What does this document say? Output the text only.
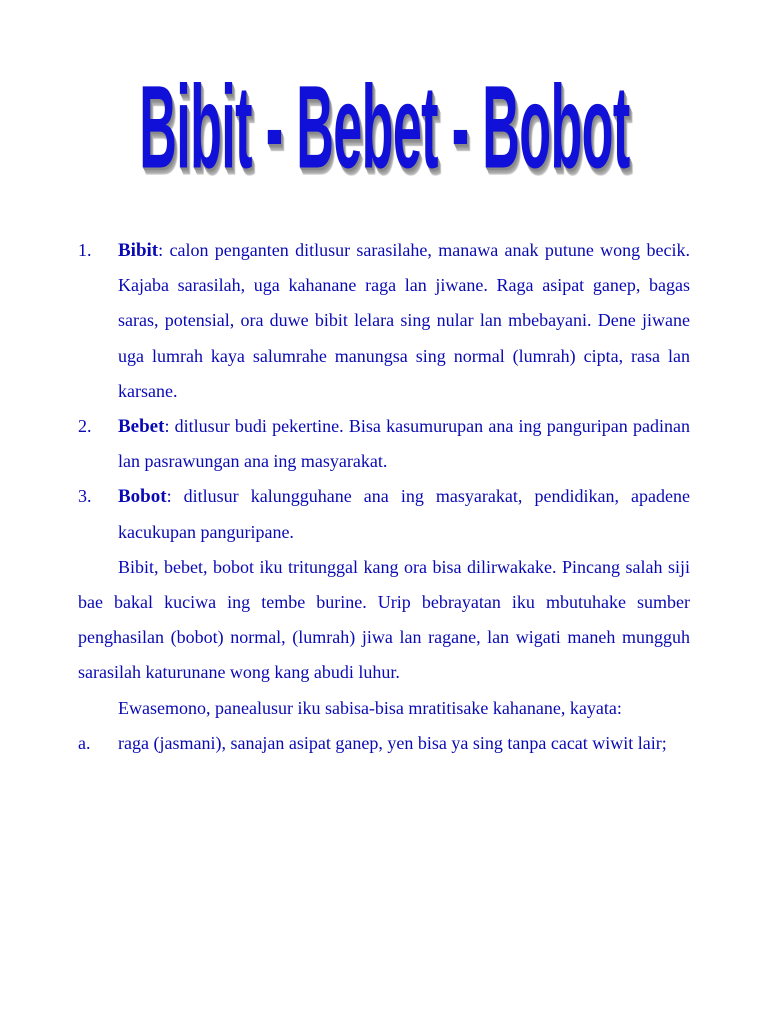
Bibit - Bebet - Bobot
1.	Bibit: calon penganten ditlusur sarasilahe, manawa anak putune wong becik. Kajaba sarasilah, uga kahanane raga lan jiwane. Raga asipat ganep, bagas saras, potensial, ora duwe bibit lelara sing nular lan mbebayani. Dene jiwane uga lumrah kaya salumrahe manungsa sing normal (lumrah) cipta, rasa lan karsane.
2.	Bebet: ditlusur budi pekertine. Bisa kasumurupan ana ing panguripan padinan lan pasrawungan ana ing masyarakat.
3.	Bobot: ditlusur kalungguhane ana ing masyarakat, pendidikan, apadene kacukupan panguripane.

Bibit, bebet, bobot iku tritunggal kang ora bisa dilirwakake. Pincang salah siji bae bakal kuciwa ing tembe burine. Urip bebrayatan iku mbutuhake sumber penghasilan (bobot) normal, (lumrah) jiwa lan ragane, lan wigati maneh mungguh sarasilah katurunane wong kang abudi luhur.

Ewasemono, panealusur iku sabisa-bisa mratitisake kahanane, kayata:

a.	raga (jasmani), sanajan asipat ganep, yen bisa ya sing tanpa cacat wiwit lair;
